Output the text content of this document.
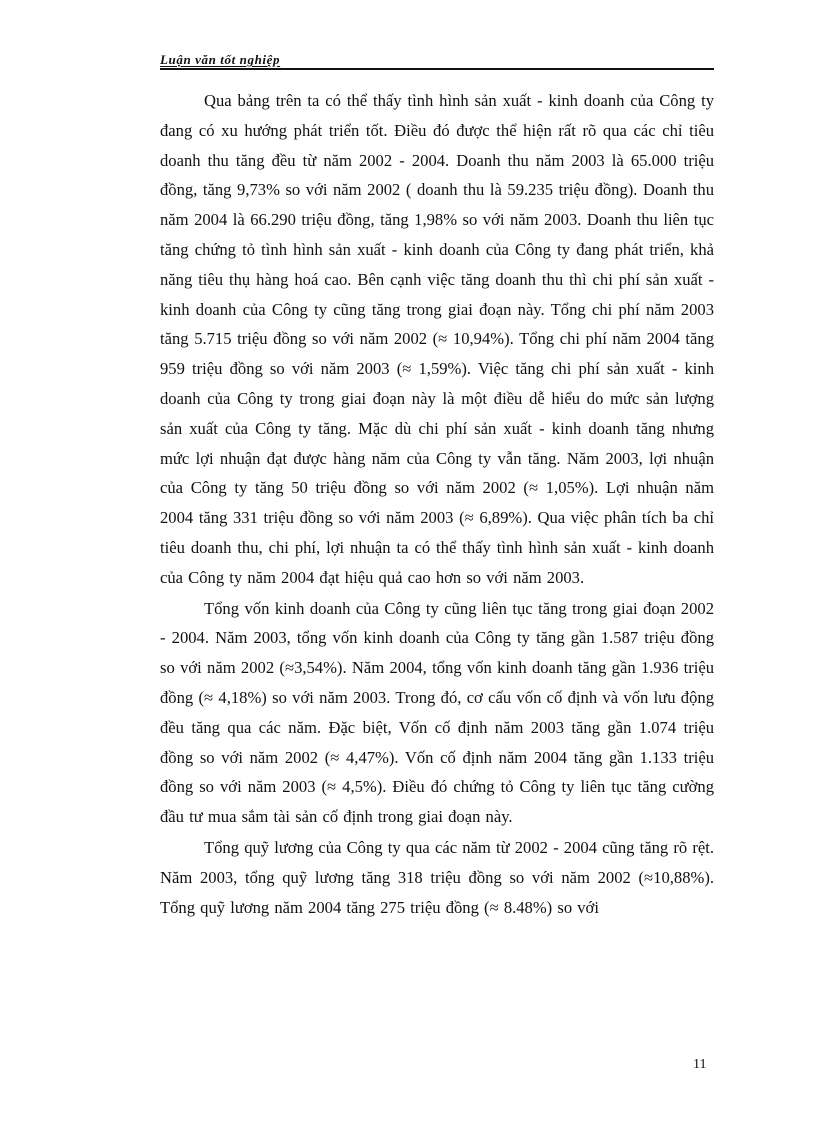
Luận văn tốt nghiệp

Qua bảng trên ta có thể thấy tình hình sản xuất - kinh doanh của Công ty đang có xu hướng phát triển tốt. Điều đó được thể hiện rất rõ qua các chỉ tiêu doanh thu tăng đều từ năm 2002 - 2004. Doanh thu năm 2003 là 65.000 triệu đồng, tăng 9,73% so với năm 2002 ( doanh thu là 59.235 triệu đồng). Doanh thu năm 2004 là 66.290 triệu đồng, tăng 1,98% so với năm 2003. Doanh thu liên tục tăng chứng tỏ tình hình sản xuất - kinh doanh của Công ty đang phát triển, khả năng tiêu thụ hàng hoá cao. Bên cạnh việc tăng doanh thu thì chi phí sản xuất - kinh doanh của Công ty cũng tăng trong giai đoạn này. Tổng chi phí năm 2003 tăng 5.715 triệu đồng so với năm 2002 (≈ 10,94%). Tổng chi phí năm 2004 tăng 959 triệu đồng so với năm 2003 (≈ 1,59%). Việc tăng chi phí sản xuất - kinh doanh của Công ty trong giai đoạn này là một điều dễ hiểu do mức sản lượng sản xuất của Công ty tăng. Mặc dù chi phí sản xuất - kinh doanh tăng nhưng mức lợi nhuận đạt được hàng năm của Công ty vẫn tăng. Năm 2003, lợi nhuận của Công ty tăng 50 triệu đồng so với năm 2002 (≈ 1,05%). Lợi nhuận năm 2004 tăng 331 triệu đồng so với năm 2003 (≈ 6,89%). Qua việc phân tích ba chỉ tiêu doanh thu, chi phí, lợi nhuận ta có thể thấy tình hình sản xuất - kinh doanh của Công ty năm 2004 đạt hiệu quả cao hơn so với năm 2003.

Tổng vốn kinh doanh của Công ty cũng liên tục tăng trong giai đoạn 2002 - 2004. Năm 2003, tổng vốn kinh doanh của Công ty tăng gần 1.587 triệu đồng so với năm 2002 (≈3,54%). Năm 2004, tổng vốn kinh doanh tăng gần 1.936 triệu đồng (≈ 4,18%) so với năm 2003. Trong đó, cơ cấu vốn cố định và vốn lưu động đều tăng qua các năm. Đặc biệt, Vốn cố định năm 2003 tăng gần 1.074 triệu đồng so với năm 2002 (≈ 4,47%). Vốn cố định năm 2004 tăng gần 1.133 triệu đồng so với năm 2003 (≈ 4,5%). Điều đó chứng tỏ Công ty liên tục tăng cường đầu tư mua sắm tài sản cố định trong giai đoạn này.

Tổng quỹ lương của Công ty qua các năm từ 2002 - 2004 cũng tăng rõ rệt. Năm 2003, tổng quỹ lương tăng 318 triệu đồng so với năm 2002 (≈10,88%). Tổng quỹ lương năm 2004 tăng 275 triệu đồng (≈ 8.48%) so với

11
